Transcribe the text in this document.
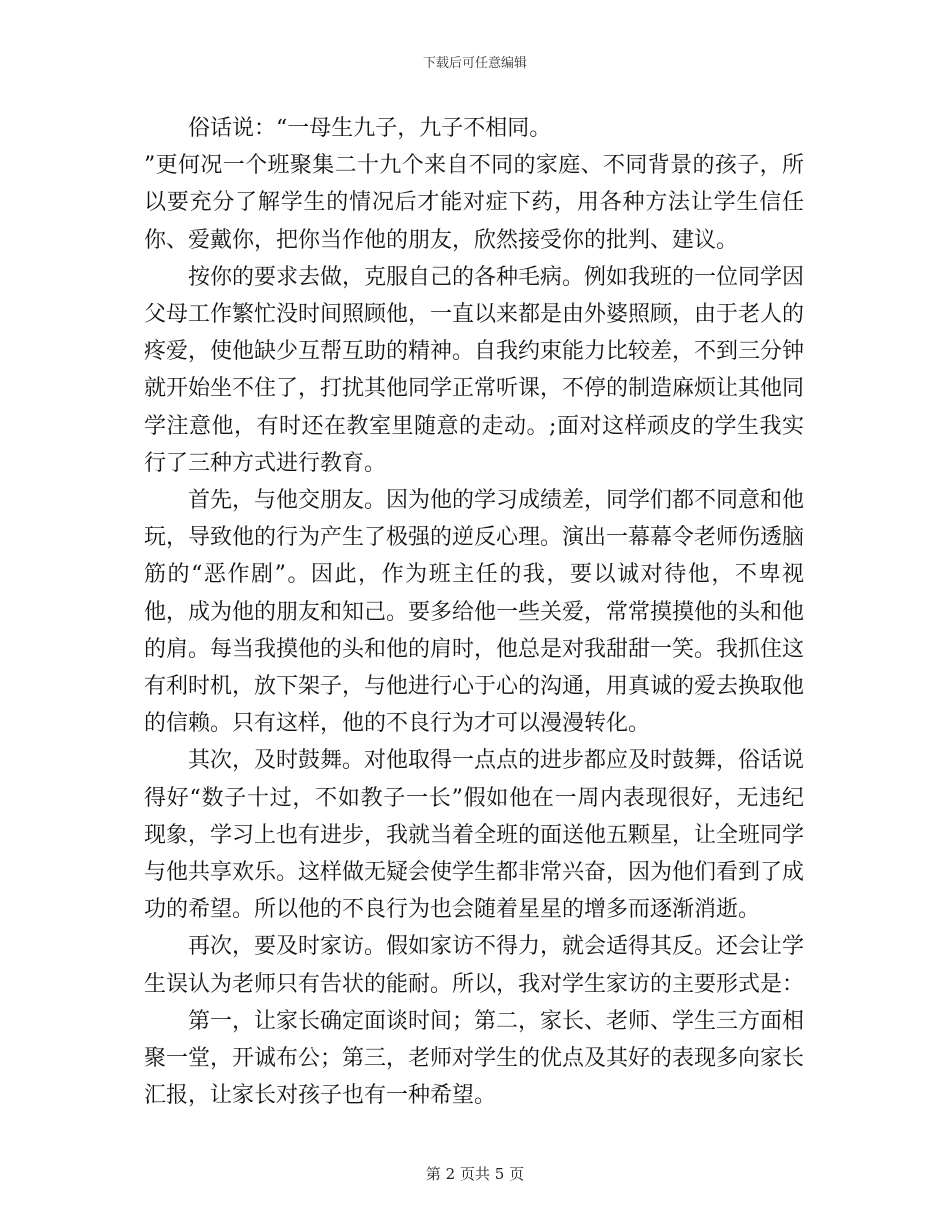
下载后可任意编辑

俗话说：“一母生九子，九子不相同。

”更何况一个班聚集二十九个来自不同的家庭、不同背景的孩子，所以要充分了解学生的情况后才能对症下药，用各种方法让学生信任你、爱戴你，把你当作他的朋友，欣然接受你的批判、建议。

按你的要求去做，克服自己的各种毛病。例如我班的一位同学因父母工作繁忙没时间照顾他，一直以来都是由外婆照顾，由于老人的疼爱，使他缺少互帮互助的精神。自我约束能力比较差，不到三分钟就开始坐不住了，打扰其他同学正常听课，不停的制造麻烦让其他同学注意他，有时还在教室里随意的走动。;面对这样顽皮的学生我实行了三种方式进行教育。

首先，与他交朋友。因为他的学习成绩差，同学们都不同意和他玩，导致他的行为产生了极强的逆反心理。演出一幕幕令老师伤透脑筋的“恶作剧”。因此，作为班主任的我，要以诚对待他，不卑视他，成为他的朋友和知己。要多给他一些关爱，常常摸摸他的头和他的肩。每当我摸他的头和他的肩时，他总是对我甜甜一笑。我抓住这有利时机，放下架子，与他进行心于心的沟通，用真诚的爱去换取他的信赖。只有这样，他的不良行为才可以漫漫转化。

其次，及时鼓舞。对他取得一点点的进步都应及时鼓舞，俗话说得好“数子十过，不如教子一长”假如他在一周内表现很好，无违纪现象，学习上也有进步，我就当着全班的面送他五颗星，让全班同学与他共享欢乐。这样做无疑会使学生都非常兴奋，因为他们看到了成功的希望。所以他的不良行为也会随着星星的增多而逐渐消逝。

再次，要及时家访。假如家访不得力，就会适得其反。还会让学生误认为老师只有告状的能耐。所以，我对学生家访的主要形式是：

第一，让家长确定面谈时间；第二，家长、老师、学生三方面相聚一堂，开诚布公；第三，老师对学生的优点及其好的表现多向家长汇报，让家长对孩子也有一种希望。

第 2 页共 5 页
